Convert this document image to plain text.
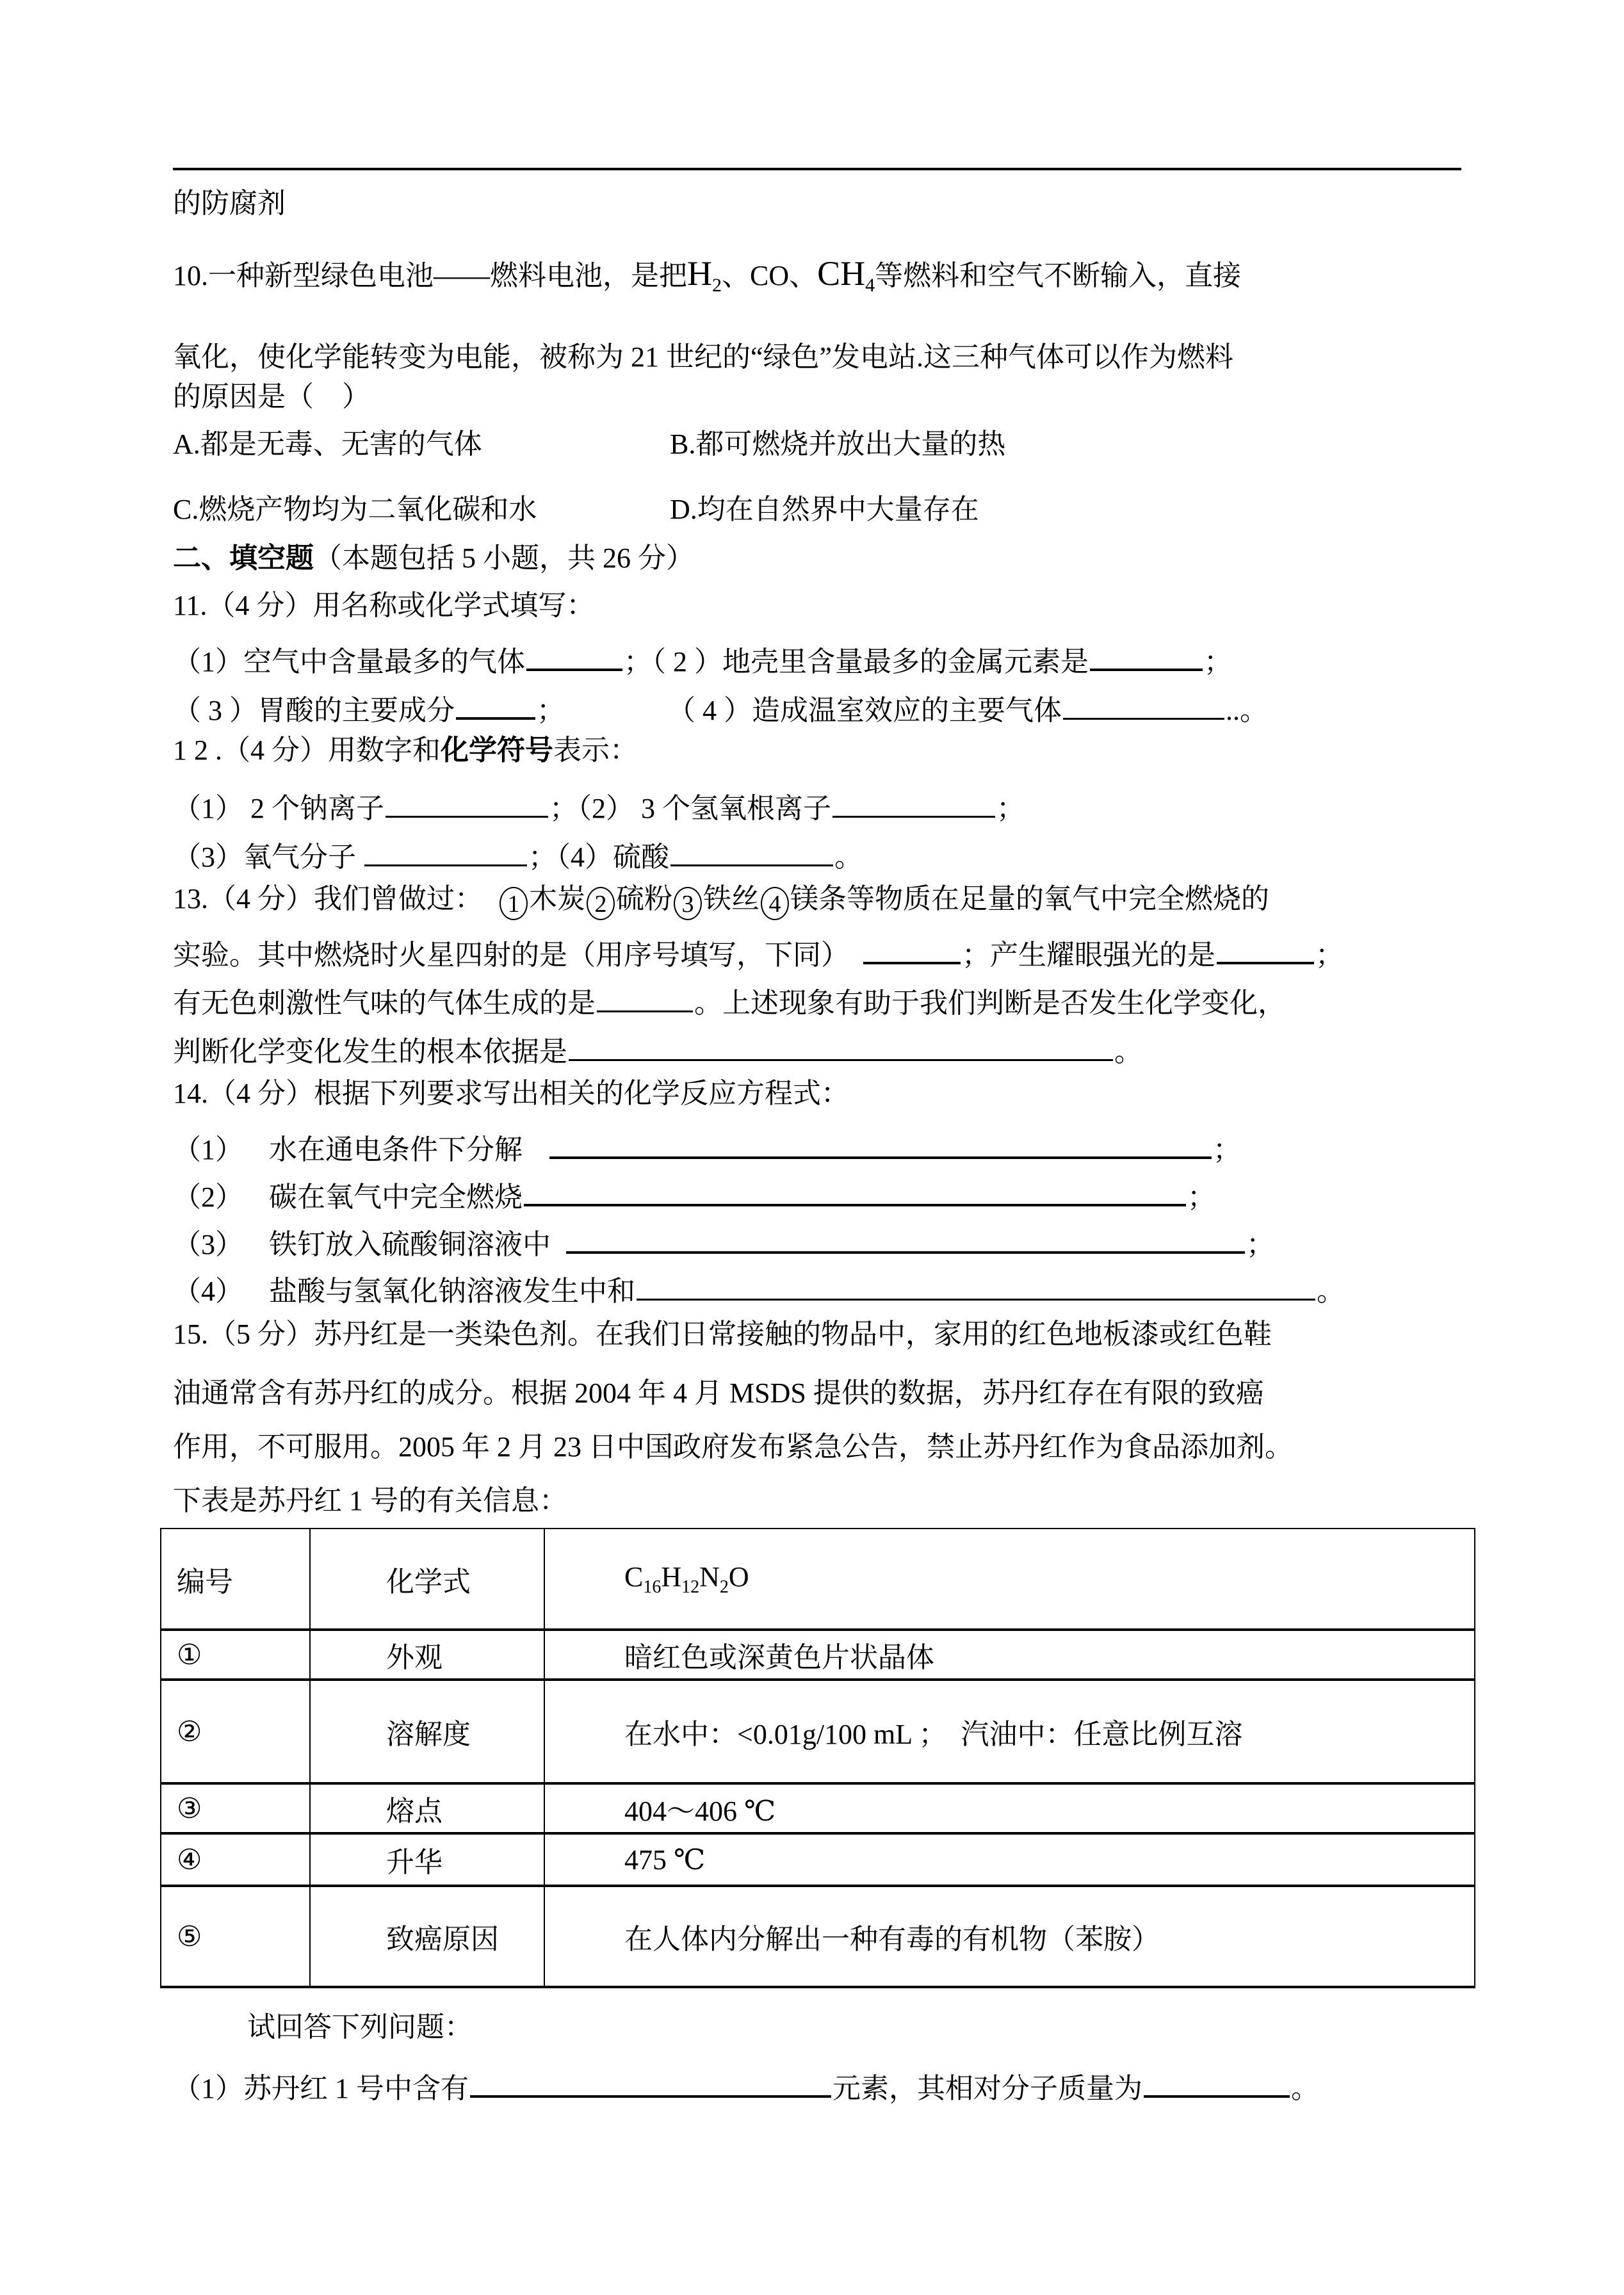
的防腐剂
10.一种新型绿色电池——燃料电池，是把$H_2$、CO、$CH_4$等燃料和空气不断输入，直接
氧化，使化学能转变为电能，被称为 21 世纪的“绿色”发电站.这三种气体可以作为燃料
的原因是（　）
A.都是无毒、无害的气体	B.都可燃烧并放出大量的热
C.燃烧产物均为二氧化碳和水	D.均在自然界中大量存在
二、填空题（本题包括 5 小题，共 26 分）
11.（4 分）用名称或化学式填写：
（1）空气中含量最多的气体	；（ 2 ）地壳里含量最多的金属元素是	；
（ 3 ）胃酸的主要成分	；	（ 4 ）造成温室效应的主要气体	..。
1 2 .（4 分）用数字和化学符号表示：
（1） 2 个钠离子	；（2） 3 个氢氧根离子	；
（3）氧气分子	；（4）硫酸	。
13.（4 分）我们曾做过： 1 木炭 2 硫粉 3 铁丝 4 镁条等物质在足量的氧气中完全燃烧的
实验。其中燃烧时火星四射的是（用序号填写，下同）	；产生耀眼强光的是	；
有无色刺激性气味的气体生成的是	。上述现象有助于我们判断是否发生化学变化，
判断化学变化发生的根本依据是	。
14.（4 分）根据下列要求写出相关的化学反应方程式：
（1） 水在通电条件下分解	；
（2） 碳在氧气中完全燃烧	；
（3） 铁钉放入硫酸铜溶液中	；
（4） 盐酸与氢氧化钠溶液发生中和	。
15.（5 分）苏丹红是一类染色剂。在我们日常接触的物品中，家用的红色地板漆或红色鞋
油通常含有苏丹红的成分。根据 2004 年 4 月 MSDS 提供的数据，苏丹红存在有限的致癌
作用，不可服用。2005 年 2 月 23 日中国政府发布紧急公告，禁止苏丹红作为食品添加剂。
下表是苏丹红 1 号的有关信息：
试回答下列问题：
（1）苏丹红 1 号中含有	元素，其相对分子质量为	。
编号	化学式	$C_{16}H_{12}N_2O$
①	外观	暗红色或深黄色片状晶体
②	溶解度	在水中：<0.01g/100 mL ；　汽油中：任意比例互溶
③	熔点	404～406 ℃
④	升华	475 ℃
⑤	致癌原因	在人体内分解出一种有毒的有机物（苯胺）
